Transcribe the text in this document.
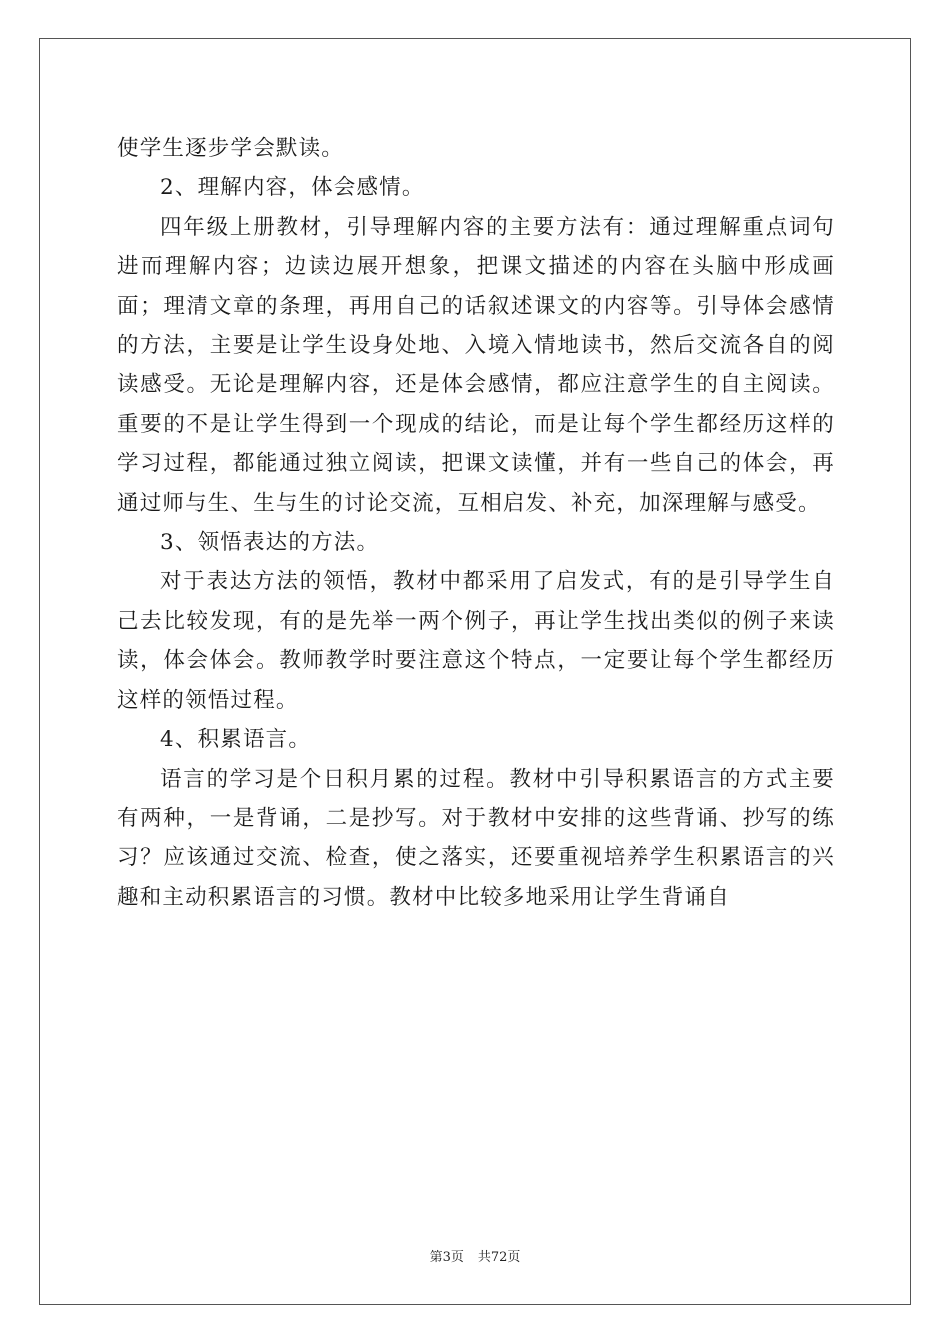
使学生逐步学会默读。

2、理解内容，体会感情。

四年级上册教材，引导理解内容的主要方法有：通过理解重点词句进而理解内容；边读边展开想象，把课文描述的内容在头脑中形成画面；理清文章的条理，再用自己的话叙述课文的内容等。引导体会感情的方法，主要是让学生设身处地、入境入情地读书，然后交流各自的阅读感受。无论是理解内容，还是体会感情，都应注意学生的自主阅读。重要的不是让学生得到一个现成的结论，而是让每个学生都经历这样的学习过程，都能通过独立阅读，把课文读懂，并有一些自己的体会，再通过师与生、生与生的讨论交流，互相启发、补充，加深理解与感受。

3、领悟表达的方法。

对于表达方法的领悟，教材中都采用了启发式，有的是引导学生自己去比较发现，有的是先举一两个例子，再让学生找出类似的例子来读读，体会体会。教师教学时要注意这个特点，一定要让每个学生都经历这样的领悟过程。

4、积累语言。

语言的学习是个日积月累的过程。教材中引导积累语言的方式主要有两种，一是背诵，二是抄写。对于教材中安排的这些背诵、抄写的练习？应该通过交流、检查，使之落实，还要重视培养学生积累语言的兴趣和主动积累语言的习惯。教材中比较多地采用让学生背诵自

第3页 共72页
